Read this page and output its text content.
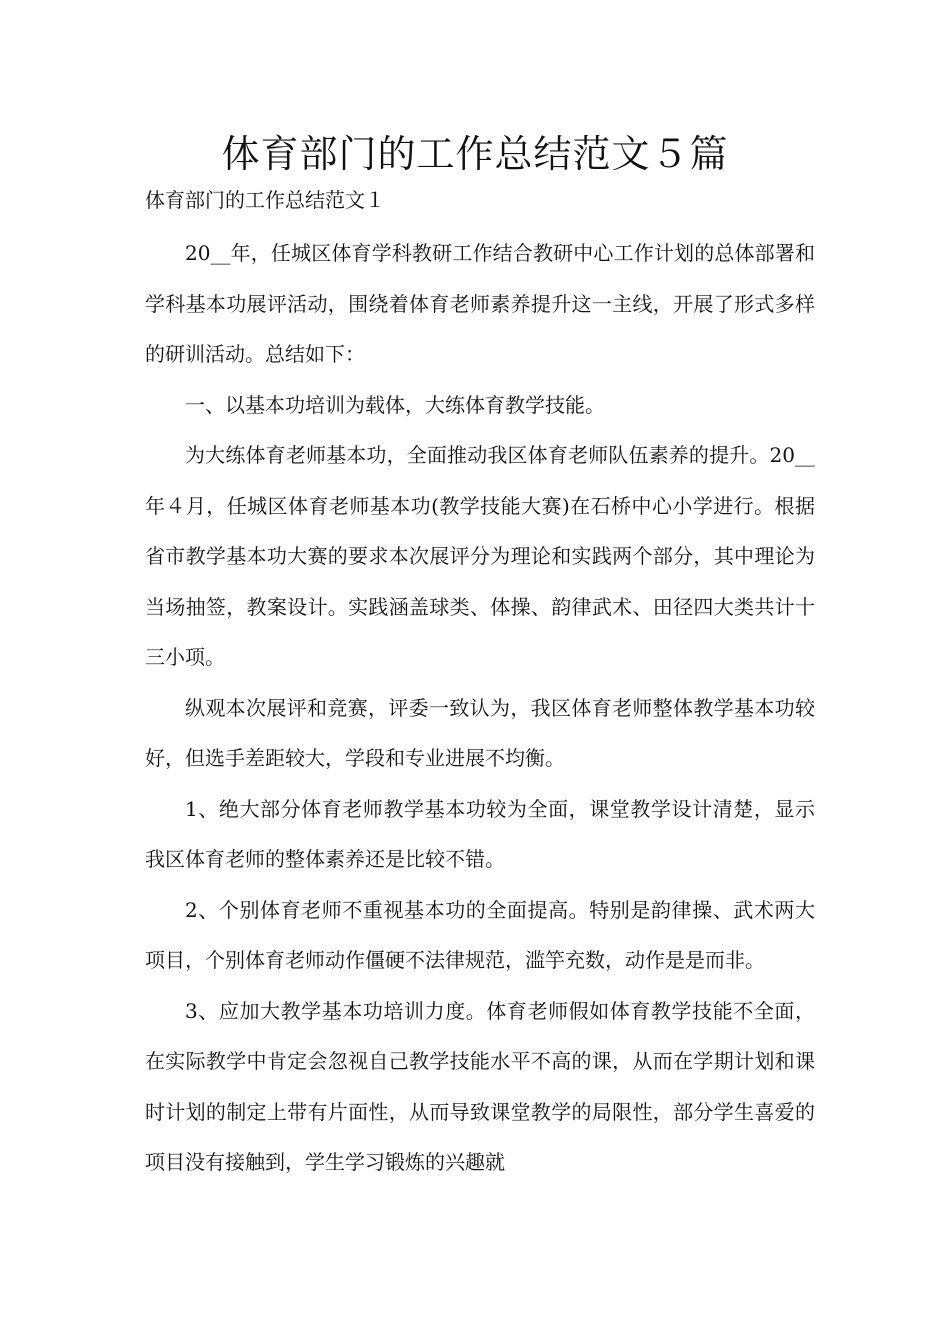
体育部门的工作总结范文５篇

体育部门的工作总结范文１

20__年，任城区体育学科教研工作结合教研中心工作计划的总体部署和学科基本功展评活动，围绕着体育老师素养提升这一主线，开展了形式多样的研训活动。总结如下：

一、以基本功培训为载体，大练体育教学技能。

为大练体育老师基本功，全面推动我区体育老师队伍素养的提升。20__年４月，任城区体育老师基本功(教学技能大赛)在石桥中心小学进行。根据省市教学基本功大赛的要求本次展评分为理论和实践两个部分，其中理论为当场抽签，教案设计。实践涵盖球类、体操、韵律武术、田径四大类共计十三小项。

纵观本次展评和竞赛，评委一致认为，我区体育老师整体教学基本功较好，但选手差距较大，学段和专业进展不均衡。

1、绝大部分体育老师教学基本功较为全面，课堂教学设计清楚，显示我区体育老师的整体素养还是比较不错。

2、个别体育老师不重视基本功的全面提高。特别是韵律操、武术两大项目，个别体育老师动作僵硬不法律规范，滥竽充数，动作是是而非。

3、应加大教学基本功培训力度。体育老师假如体育教学技能不全面，在实际教学中肯定会忽视自己教学技能水平不高的课，从而在学期计划和课时计划的制定上带有片面性，从而导致课堂教学的局限性，部分学生喜爱的项目没有接触到，学生学习锻炼的兴趣就
